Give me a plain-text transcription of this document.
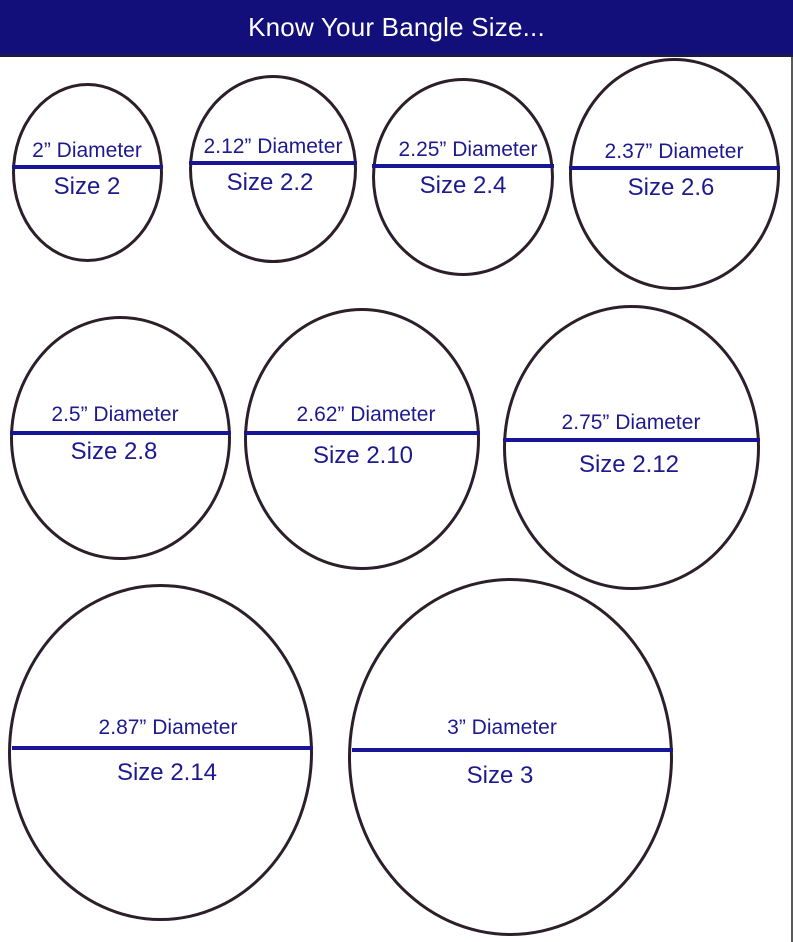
Know Your Bangle Size...
2” Diameter
Size 2
2.12” Diameter
Size 2.2
2.25” Diameter
Size 2.4
2.37” Diameter
Size 2.6
2.5” Diameter
Size 2.8
2.62” Diameter
Size 2.10
2.75” Diameter
Size 2.12
2.87” Diameter
Size 2.14
3” Diameter
Size 3
